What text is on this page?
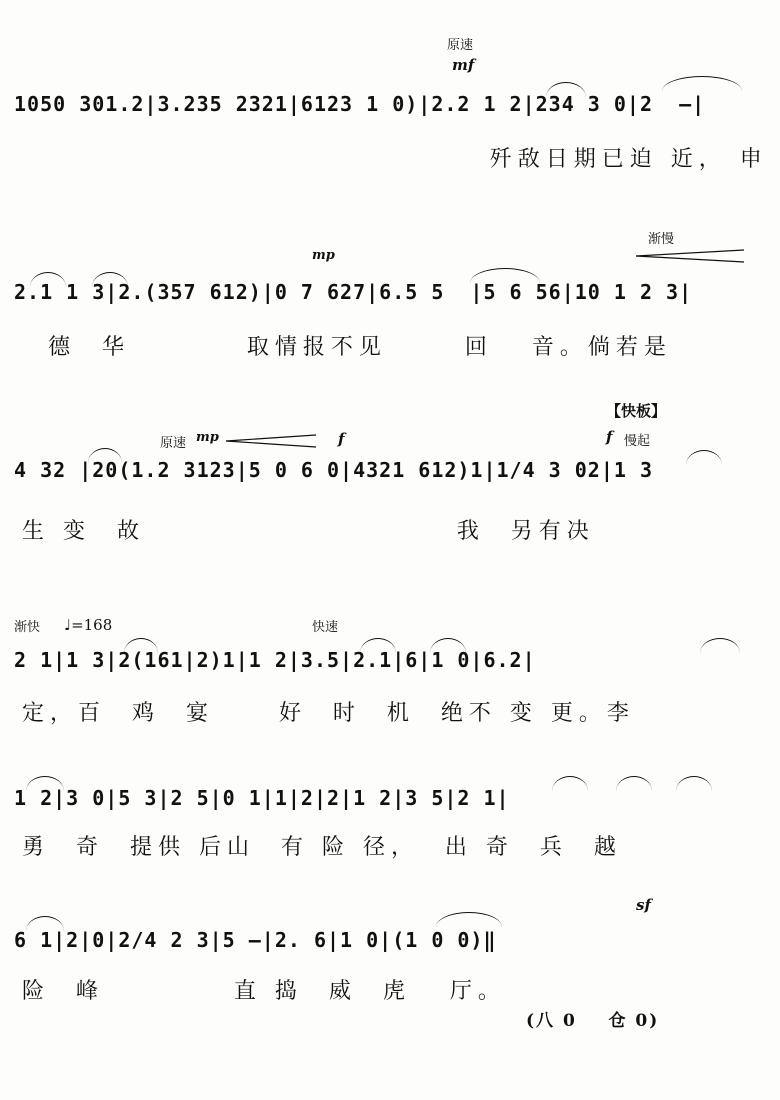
原速
mf
1050 301.2|3.235 2321|6123 1 0)|2.2 1 2|234 3 0|2  –|
歼敌日期已迫 近， 申
渐慢
mp
2.1 1 3|2.(357 612)|0 7 627|6.5 5  |5 6 56|10 1 2 3|
德  华         取情报不见      回   音。倘若是
【快板】
原速 mp	f	f 慢起
4 32 |20(1.2 3123|5 0 6 0|4321 612)1|1/4 3 02|1 3
生 变  故                        我  另有决
渐快 ♩=168	快速
2 1|1 3|2(161|2)1|1 2|3.5|2.1|6|1 0|6.2|
定，百  鸡  宴     好  时  机  绝不 变 更。李
1 2|3 0|5 3|2 5|0 1|1|2|2|1 2|3 5|2 1|
勇  奇  提供 后山  有 险 径，  出 奇  兵  越
sf
6 1|2|0|2/4 2 3|5 –|2. 6|1 0|(1 0 0)‖
险  峰          直 捣  威  虎   厅。
(八 0    仓 0)
